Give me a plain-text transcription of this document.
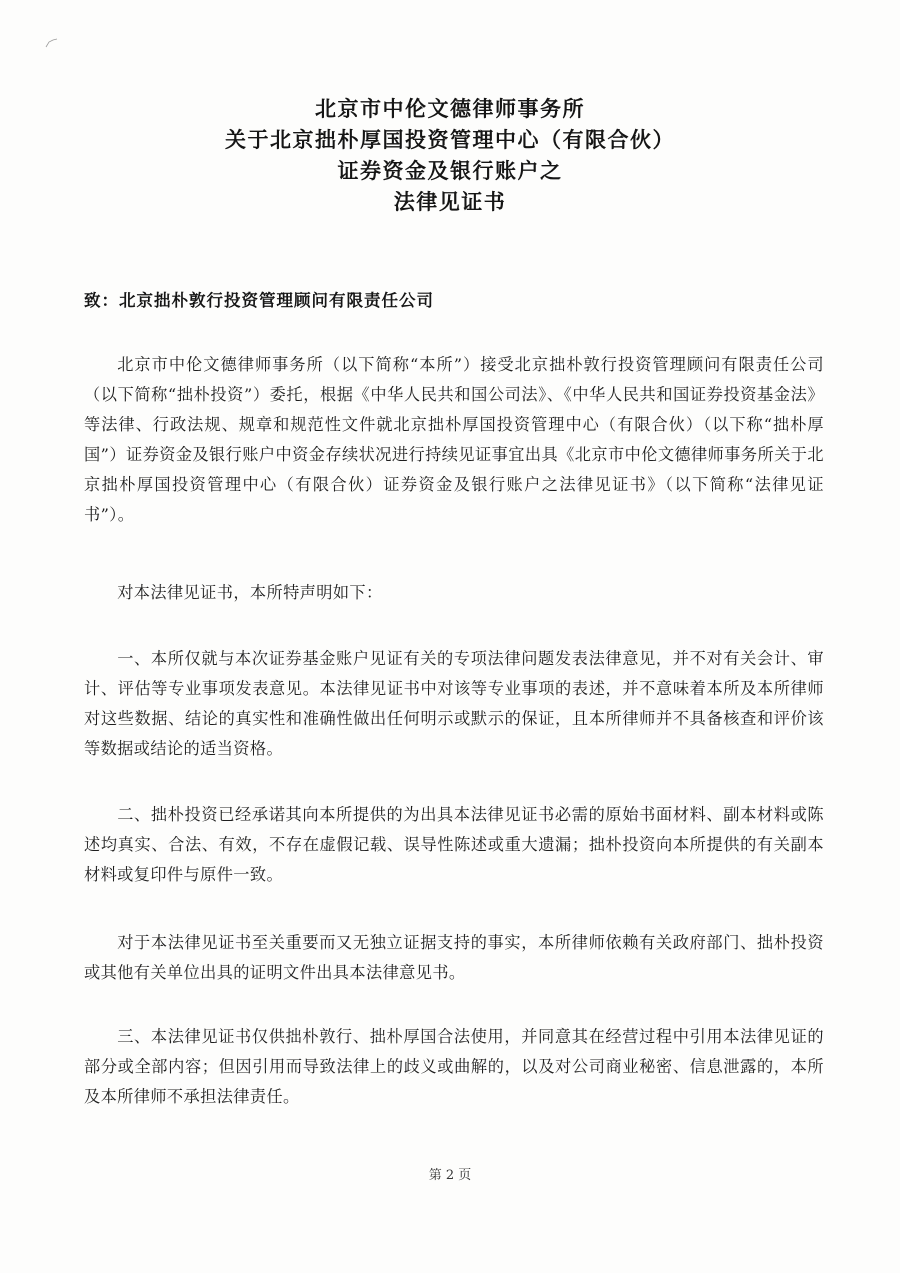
北京市中伦文德律师事务所
关于北京拙朴厚国投资管理中心（有限合伙）
证券资金及银行账户之
法律见证书
致：北京拙朴敦行投资管理顾问有限责任公司
北京市中伦文德律师事务所（以下简称“本所”）接受北京拙朴敦行投资管理顾问有限责任公司（以下简称“拙朴投资”）委托，根据《中华人民共和国公司法》、《中华人民共和国证券投资基金法》等法律、行政法规、规章和规范性文件就北京拙朴厚国投资管理中心（有限合伙）（以下称“拙朴厚国”）证券资金及银行账户中资金存续状况进行持续见证事宜出具《北京市中伦文德律师事务所关于北京拙朴厚国投资管理中心（有限合伙）证券资金及银行账户之法律见证书》（以下简称“法律见证书”）。
对本法律见证书，本所特声明如下：
一、本所仅就与本次证券基金账户见证有关的专项法律问题发表法律意见，并不对有关会计、审计、评估等专业事项发表意见。本法律见证书中对该等专业事项的表述，并不意味着本所及本所律师对这些数据、结论的真实性和准确性做出任何明示或默示的保证，且本所律师并不具备核查和评价该等数据或结论的适当资格。
二、拙朴投资已经承诺其向本所提供的为出具本法律见证书必需的原始书面材料、副本材料或陈述均真实、合法、有效，不存在虚假记载、误导性陈述或重大遗漏；拙朴投资向本所提供的有关副本材料或复印件与原件一致。
对于本法律见证书至关重要而又无独立证据支持的事实，本所律师依赖有关政府部门、拙朴投资或其他有关单位出具的证明文件出具本法律意见书。
三、本法律见证书仅供拙朴敦行、拙朴厚国合法使用，并同意其在经营过程中引用本法律见证的部分或全部内容；但因引用而导致法律上的歧义或曲解的，以及对公司商业秘密、信息泄露的，本所及本所律师不承担法律责任。
第 2 页
